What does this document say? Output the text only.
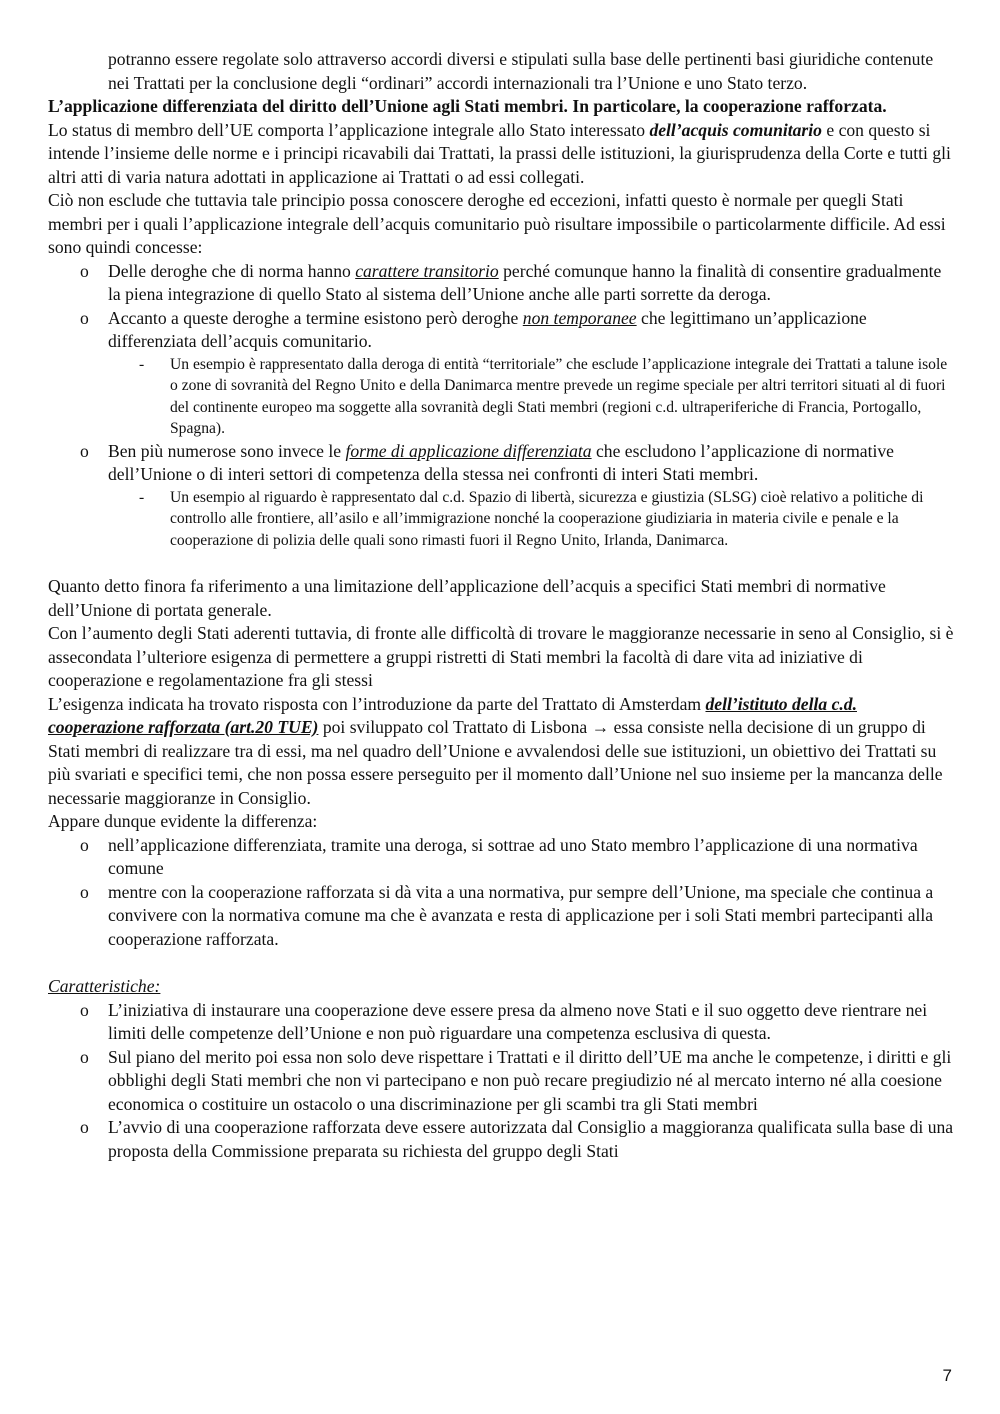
potranno essere regolate solo attraverso accordi diversi e stipulati sulla base delle pertinenti basi giuridiche contenute nei Trattati per la conclusione degli “ordinari” accordi internazionali tra l’Unione e uno Stato terzo.

L’applicazione differenziata del diritto dell’Unione agli Stati membri. In particolare, la cooperazione rafforzata.

Lo status di membro dell’UE comporta l’applicazione integrale allo Stato interessato dell’acquis comunitario e con questo si intende l’insieme delle norme e i principi ricavabili dai Trattati, la prassi delle istituzioni, la giurisprudenza della Corte e tutti gli altri atti di varia natura adottati in applicazione ai Trattati o ad essi collegati.

Ciò non esclude che tuttavia tale principio possa conoscere deroghe ed eccezioni, infatti questo è normale per quegli Stati membri per i quali l’applicazione integrale dell’acquis comunitario può risultare impossibile o particolarmente difficile. Ad essi sono quindi concesse:

o Delle deroghe che di norma hanno carattere transitorio perché comunque hanno la finalità di consentire gradualmente la piena integrazione di quello Stato al sistema dell’Unione anche alle parti sorrette da deroga.
o Accanto a queste deroghe a termine esistono però deroghe non temporanee che legittimano un’applicazione differenziata dell’acquis comunitario.
- Un esempio è rappresentato dalla deroga di entità “territoriale” che esclude l’applicazione integrale dei Trattati a talune isole o zone di sovranità del Regno Unito e della Danimarca mentre prevede un regime speciale per altri territori situati al di fuori del continente europeo ma soggette alla sovranità degli Stati membri (regioni c.d. ultraperiferiche di Francia, Portogallo, Spagna).
o Ben più numerose sono invece le forme di applicazione differenziata che escludono l’applicazione di normative dell’Unione o di interi settori di competenza della stessa nei confronti di interi Stati membri.
- Un esempio al riguardo è rappresentato dal c.d. Spazio di libertà, sicurezza e giustizia (SLSG) cioè relativo a politiche di controllo alle frontiere, all’asilo e all’immigrazione nonché la cooperazione giudiziaria in materia civile e penale e la cooperazione di polizia delle quali sono rimasti fuori il Regno Unito, Irlanda, Danimarca.

Quanto detto finora fa riferimento a una limitazione dell’applicazione dell’acquis a specifici Stati membri di normative dell’Unione di portata generale.

Con l’aumento degli Stati aderenti tuttavia, di fronte alle difficoltà di trovare le maggioranze necessarie in seno al Consiglio, si è assecondata l’ulteriore esigenza di permettere a gruppi ristretti di Stati membri la facoltà di dare vita ad iniziative di cooperazione e regolamentazione fra gli stessi

L’esigenza indicata ha trovato risposta con l’introduzione da parte del Trattato di Amsterdam dell’istituto della c.d. cooperazione rafforzata (art.20 TUE) poi sviluppato col Trattato di Lisbona → essa consiste nella decisione di un gruppo di Stati membri di realizzare tra di essi, ma nel quadro dell’Unione e avvalendosi delle sue istituzioni, un obiettivo dei Trattati su più svariati e specifici temi, che non possa essere perseguito per il momento dall’Unione nel suo insieme per la mancanza delle necessarie maggioranze in Consiglio.

Appare dunque evidente la differenza:

o nell’applicazione differenziata, tramite una deroga, si sottrae ad uno Stato membro l’applicazione di una normativa comune
o mentre con la cooperazione rafforzata si dà vita a una normativa, pur sempre dell’Unione, ma speciale che continua a convivere con la normativa comune ma che è avanzata e resta di applicazione per i soli Stati membri partecipanti alla cooperazione rafforzata.

Caratteristiche:

o L’iniziativa di instaurare una cooperazione deve essere presa da almeno nove Stati e il suo oggetto deve rientrare nei limiti delle competenze dell’Unione e non può riguardare una competenza esclusiva di questa.
o Sul piano del merito poi essa non solo deve rispettare i Trattati e il diritto dell’UE ma anche le competenze, i diritti e gli obblighi degli Stati membri che non vi partecipano e non può recare pregiudizio né al mercato interno né alla coesione economica o costituire un ostacolo o una discriminazione per gli scambi tra gli Stati membri
o L’avvio di una cooperazione rafforzata deve essere autorizzata dal Consiglio a maggioranza qualificata sulla base di una proposta della Commissione preparata su richiesta del gruppo degli Stati
7
